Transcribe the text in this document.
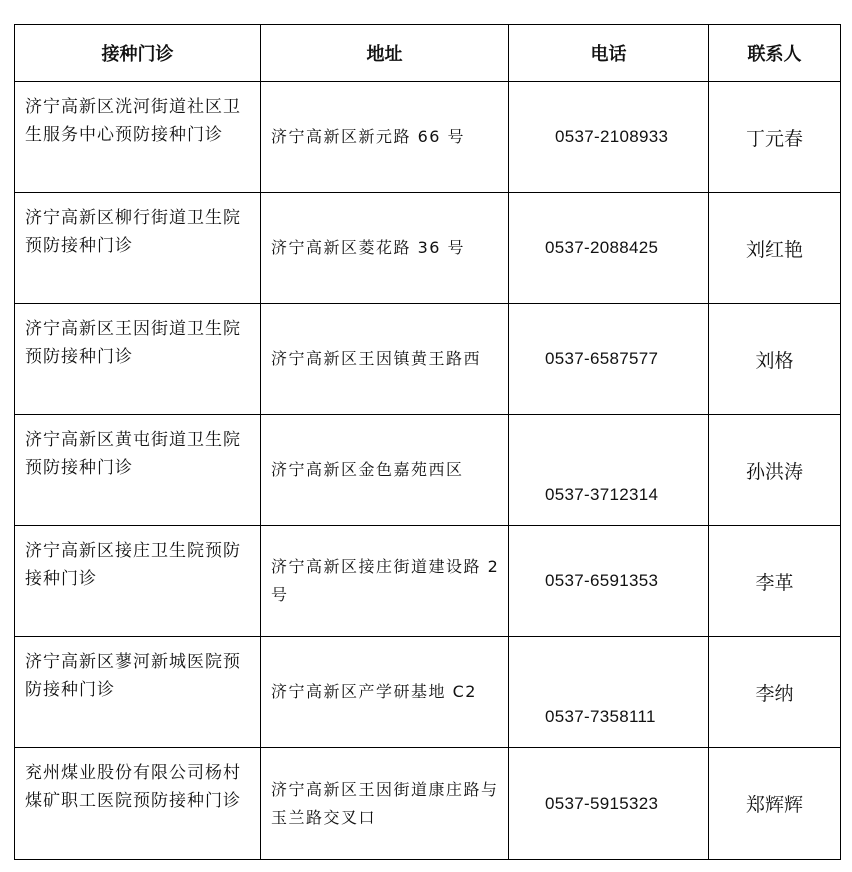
接种门诊	地址	电话	联系人

济宁高新区洸河街道社区卫生服务中心预防接种门诊	济宁高新区新元路 66 号	0537-2108933	丁元春

济宁高新区柳行街道卫生院预防接种门诊	济宁高新区菱花路 36 号	0537-2088425	刘红艳

济宁高新区王因街道卫生院预防接种门诊	济宁高新区王因镇黄王路西	0537-6587577	刘格

济宁高新区黄屯街道卫生院预防接种门诊	济宁高新区金色嘉苑西区	0537-3712314	孙洪涛

济宁高新区接庄卫生院预防接种门诊	济宁高新区接庄街道建设路 2 号	0537-6591353	李革

济宁高新区蓼河新城医院预防接种门诊	济宁高新区产学研基地 C2	0537-7358111	李纳

兖州煤业股份有限公司杨村煤矿职工医院预防接种门诊	济宁高新区王因街道康庄路与玉兰路交叉口	0537-5915323	郑辉辉
